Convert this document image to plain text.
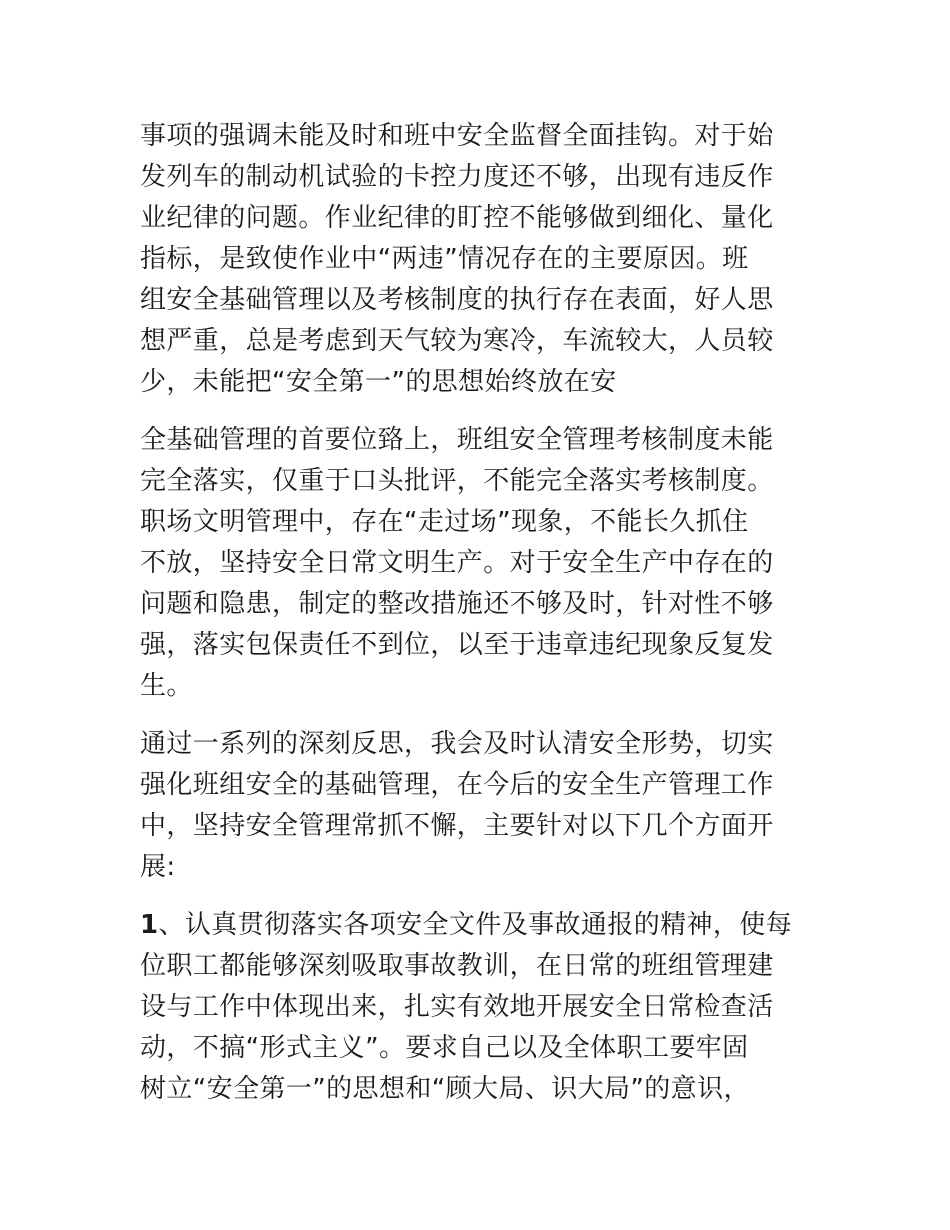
事项的强调未能及时和班中安全监督全面挂钩。对于始
发列车的制动机试验的卡控力度还不够，出现有违反作
业纪律的问题。作业纪律的盯控不能够做到细化、量化
指标，是致使作业中“两违”情况存在的主要原因。班
组安全基础管理以及考核制度的执行存在表面，好人思
想严重，总是考虑到天气较为寒冷，车流较大，人员较
少，未能把“安全第一”的思想始终放在安
全基础管理的首要位臵上，班组安全管理考核制度未能
完全落实，仅重于口头批评，不能完全落实考核制度。
职场文明管理中，存在“走过场”现象，不能长久抓住
不放，坚持安全日常文明生产。对于安全生产中存在的
问题和隐患，制定的整改措施还不够及时，针对性不够
强，落实包保责任不到位，以至于违章违纪现象反复发
生。
通过一系列的深刻反思，我会及时认清安全形势，切实
强化班组安全的基础管理，在今后的安全生产管理工作
中，坚持安全管理常抓不懈，主要针对以下几个方面开
展:
1、认真贯彻落实各项安全文件及事故通报的精神，使每
位职工都能够深刻吸取事故教训，在日常的班组管理建
设与工作中体现出来，扎实有效地开展安全日常检查活
动，不搞“形式主义”。要求自己以及全体职工要牢固
树立“安全第一”的思想和“顾大局、识大局”的意识，
